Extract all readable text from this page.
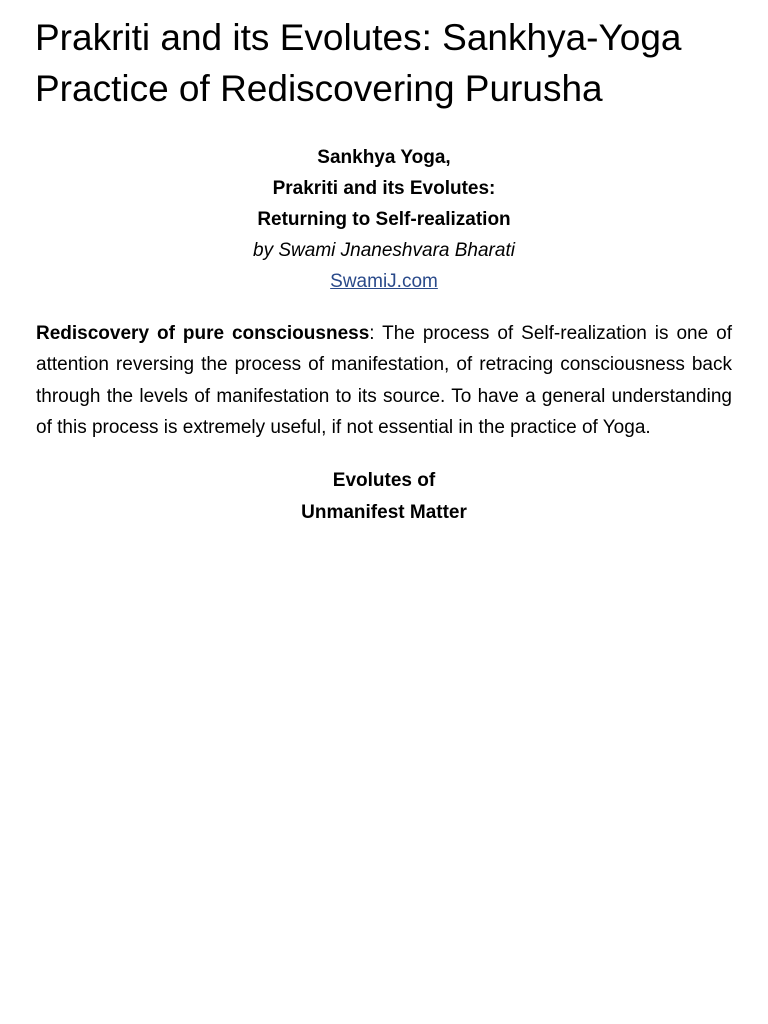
Prakriti and its Evolutes: Sankhya-Yoga Practice of Rediscovering Purusha
Sankhya Yoga,
Prakriti and its Evolutes:
Returning to Self-realization
by Swami Jnaneshvara Bharati
SwamiJ.com

Rediscovery of pure consciousness: The process of Self-realization is one of attention reversing the process of manifestation, of retracing consciousness back through the levels of manifestation to its source. To have a general understanding of this process is extremely useful, if not essential in the practice of Yoga.

Evolutes of
Unmanifest Matter
